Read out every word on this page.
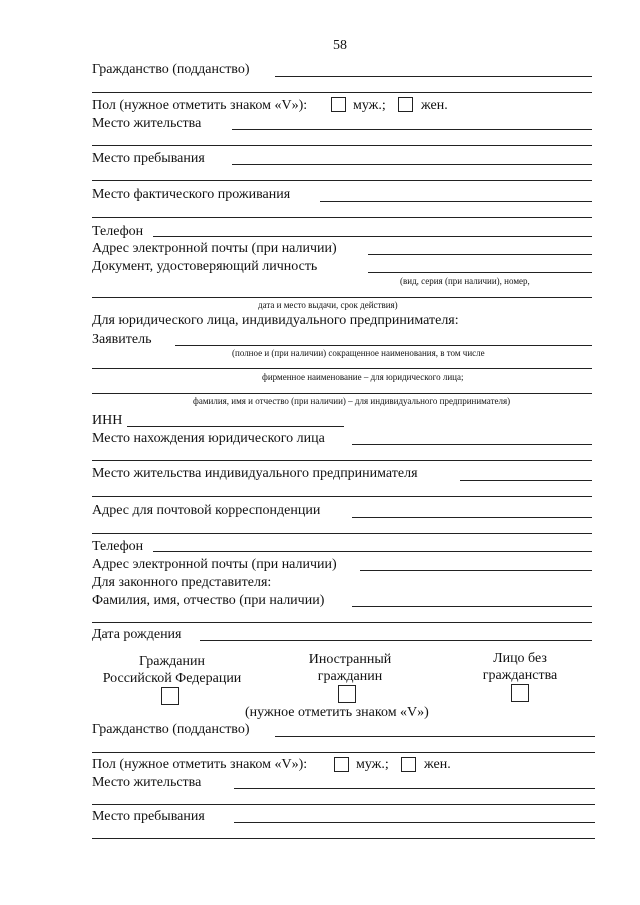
58
Гражданство (подданство)
Пол (нужное отметить знаком «V»):	муж.;	жен.
Место жительства
Место пребывания
Место фактического проживания
Телефон
Адрес электронной почты (при наличии)
Документ, удостоверяющий личность
(вид, серия (при наличии), номер,
дата и место выдачи, срок действия)
Для юридического лица, индивидуального предпринимателя:
Заявитель
(полное и (при наличии) сокращенное наименования, в том числе
фирменное наименование – для юридического лица;
фамилия, имя и отчество (при наличии) – для индивидуального предпринимателя)
ИНН
Место нахождения юридического лица
Место жительства индивидуального предпринимателя
Адрес для почтовой корреспонденции
Телефон
Адрес электронной почты (при наличии)
Для законного представителя:
Фамилия, имя, отчество (при наличии)
Дата рождения
Гражданин
Российской Федерации
Иностранный
гражданин
Лицо без
гражданства
(нужное отметить знаком «V»)
Гражданство (подданство)
Пол (нужное отметить знаком «V»):	муж.;	жен.
Место жительства
Место пребывания
